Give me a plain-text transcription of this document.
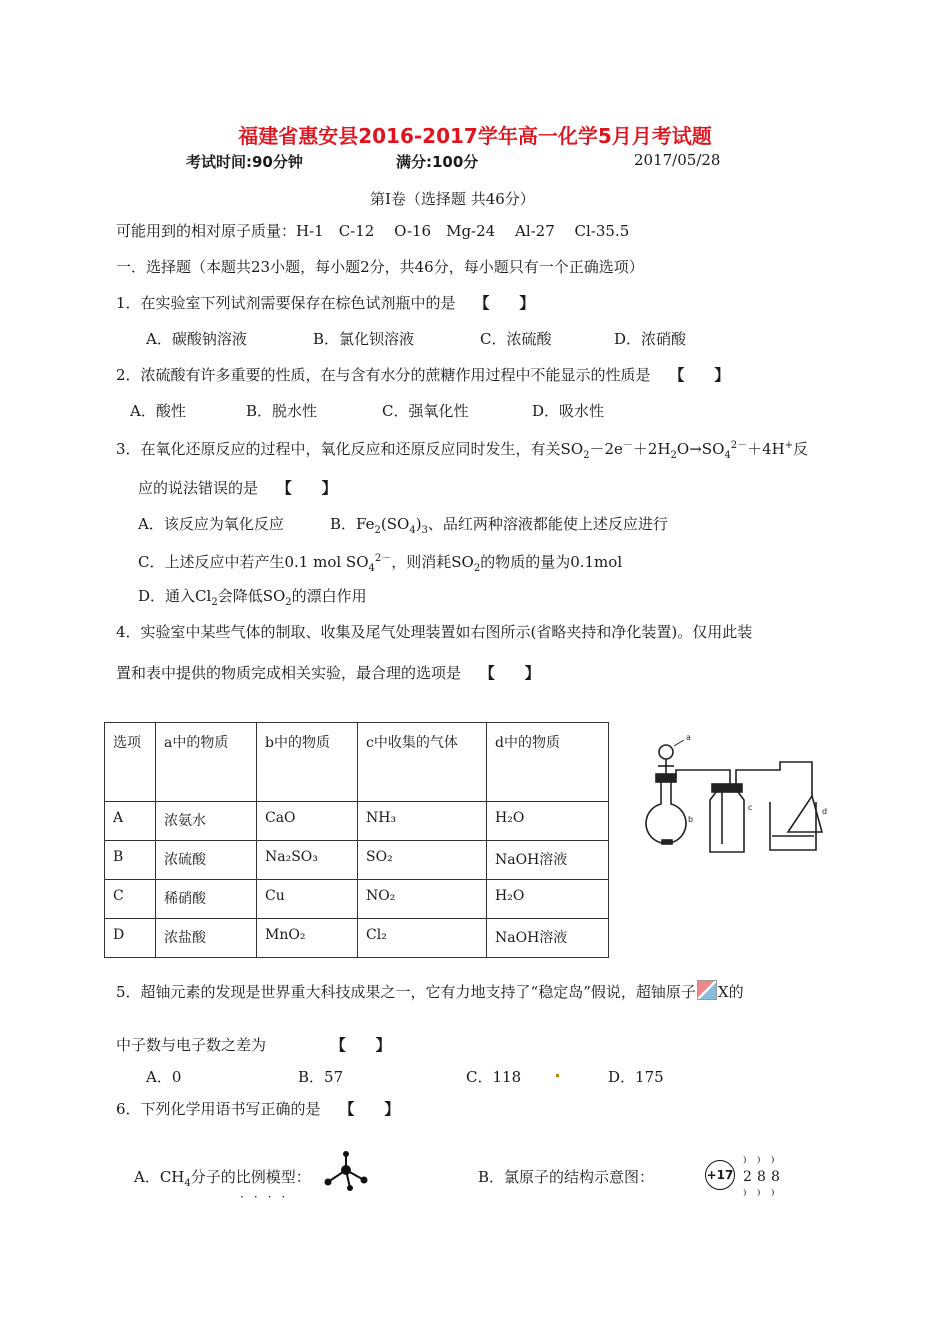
福建省惠安县2016-2017学年高一化学5月月考试题
考试时间:90分钟	满分:100分	2017/05/28
第Ⅰ卷（选择题 共46分）
可能用到的相对原子质量：H-1　C-12　 O-16　Mg-24　 Al-27　 Cl-35.5
一．选择题（本题共23小题，每小题2分，共46分，每小题只有一个正确选项）
1．在实验室下列试剂需要保存在棕色试剂瓶中的是 【　　】
A．碳酸钠溶液	B．氯化钡溶液	C．浓硫酸	D．浓硝酸
2．浓硫酸有许多重要的性质，在与含有水分的蔗糖作用过程中不能显示的性质是 【　　】
A．酸性	B．脱水性	C．强氧化性	D．吸水性
3．在氧化还原反应的过程中，氧化反应和还原反应同时发生，有关$SO_2-2e^-+2H_2O\to SO_4^{2-}+4H^+$反
应的说法错误的是 【　　】
A．该反应为氧化反应	B．$Fe_2(SO_4)_3$、品红两种溶液都能使上述反应进行
C．上述反应中若产生0.1 mol $SO_4^{2-}$，则消耗$SO_2$的物质的量为0.1mol
D．通入$Cl_2$会降低$SO_2$的漂白作用
4．实验室中某些气体的制取、收集及尾气处理装置如右图所示(省略夹持和净化装置)。仅用此装
置和表中提供的物质完成相关实验，最合理的选项是 【　　】
选项	a中的物质	b中的物质	c中收集的气体	d中的物质
A	浓氨水	CaO	NH₃	H₂O
B	浓硫酸	Na₂SO₃	SO₂	NaOH溶液
C	稀硝酸	Cu	NO₂	H₂O
D	浓盐酸	MnO₂	Cl₂	NaOH溶液
a
b
c	d
5．超铀元素的发现是世界重大科技成果之一，它有力地支持了“稳定岛”假说，超铀原子 X的
中子数与电子数之差为	【　　】
A．0	B．57	C．118	D．175
6．下列化学用语书写正确的是 【　　】
A．$CH_4$分子的比例模型：
····
B．氯原子的结构示意图：	+17
⁾
2
₎
⁾
8
₎
⁾
8
₎
